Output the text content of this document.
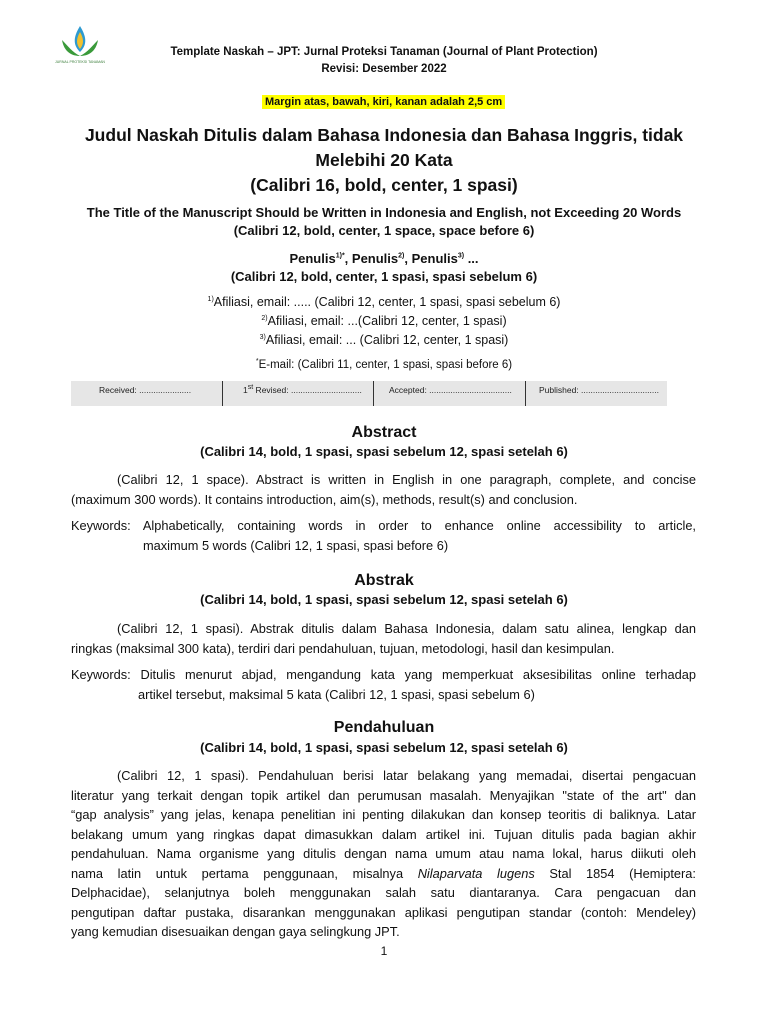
JURNAL PROTEKSI TANAMAN
Template Naskah – JPT: Jurnal Proteksi Tanaman (Journal of Plant Protection)
Revisi: Desember 2022
Margin atas, bawah, kiri, kanan adalah 2,5 cm
Judul Naskah Ditulis dalam Bahasa Indonesia dan Bahasa Inggris, tidak
Melebihi 20 Kata
(Calibri 16, bold, center, 1 spasi)
The Title of the Manuscript Should be Written in Indonesia and English, not Exceeding 20 Words
(Calibri 12, bold, center, 1 space, space before 6)
Penulis$^{1)*}$, Penulis$^{2)}$, Penulis$^{3)}$ ...
(Calibri 12, bold, center, 1 spasi, spasi sebelum 6)
$^{1)}$Afiliasi, email: ..... (Calibri 12, center, 1 spasi, spasi sebelum 6)
$^{2)}$Afiliasi, email: ...(Calibri 12, center, 1 spasi)
$^{3)}$Afiliasi, email: ... (Calibri 12, center, 1 spasi)
*E-mail: (Calibri 11, center, 1 spasi, spasi before 6)
Received: ......................	1st Revised: ..............................	Accepted: ...................................	Published: .................................
Abstract
(Calibri 14, bold, 1 spasi, spasi sebelum 12, spasi setelah 6)
(Calibri 12, 1 space). Abstract is written in English in one paragraph, complete, and concise
(maximum 300 words). It contains introduction, aim(s), methods, result(s) and conclusion.
Keywords: Alphabetically, containing words in order to enhance online accessibility to article,
maximum 5 words (Calibri 12, 1 spasi, spasi before 6)
Abstrak
(Calibri 14, bold, 1 spasi, spasi sebelum 12, spasi setelah 6)
(Calibri 12, 1 spasi). Abstrak ditulis dalam Bahasa Indonesia, dalam satu alinea, lengkap dan
ringkas (maksimal 300 kata), terdiri dari pendahuluan, tujuan, metodologi, hasil dan kesimpulan.
Keywords: Ditulis menurut abjad, mengandung kata yang memperkuat aksesibilitas online terhadap
artikel tersebut, maksimal 5 kata (Calibri 12, 1 spasi, spasi sebelum 6)
Pendahuluan
(Calibri 14, bold, 1 spasi, spasi sebelum 12, spasi setelah 6)
(Calibri 12, 1 spasi). Pendahuluan berisi latar belakang yang memadai, disertai pengacuan
literatur yang terkait dengan topik artikel dan perumusan masalah. Menyajikan "state of the art" dan
“gap analysis” yang jelas, kenapa penelitian ini penting dilakukan dan konsep teoritis di baliknya. Latar
belakang umum yang ringkas dapat dimasukkan dalam artikel ini. Tujuan ditulis pada bagian akhir
pendahuluan. Nama organisme yang ditulis dengan nama umum atau nama lokal, harus diikuti oleh
nama latin untuk pertama penggunaan, misalnya Nilaparvata lugens Stal 1854 (Hemiptera:
Delphacidae), selanjutnya boleh menggunakan salah satu diantaranya. Cara pengacuan dan
pengutipan daftar pustaka, disarankan menggunakan aplikasi pengutipan standar (contoh: Mendeley)
yang kemudian disesuaikan dengan gaya selingkung JPT.
1
